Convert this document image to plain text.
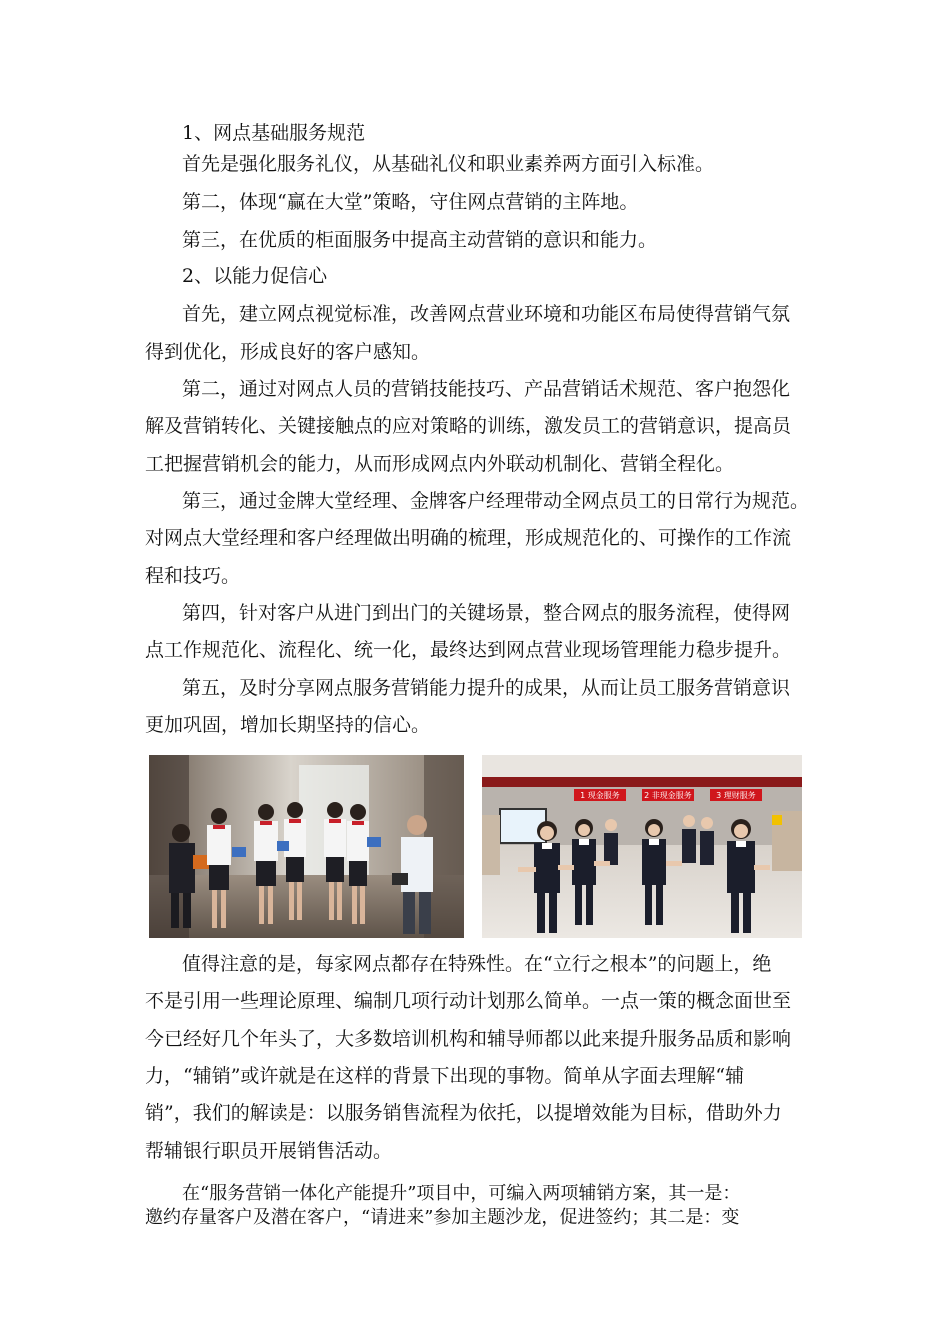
1、网点基础服务规范
首先是强化服务礼仪，从基础礼仪和职业素养两方面引入标准。
第二，体现“赢在大堂”策略，守住网点营销的主阵地。
第三，在优质的柜面服务中提高主动营销的意识和能力。
2、以能力促信心
首先，建立网点视觉标准，改善网点营业环境和功能区布局使得营销气氛
得到优化，形成良好的客户感知。
第二，通过对网点人员的营销技能技巧、产品营销话术规范、客户抱怨化
解及营销转化、关键接触点的应对策略的训练，激发员工的营销意识，提高员
工把握营销机会的能力，从而形成网点内外联动机制化、营销全程化。
第三，通过金牌大堂经理、金牌客户经理带动全网点员工的日常行为规范。
对网点大堂经理和客户经理做出明确的梳理，形成规范化的、可操作的工作流
程和技巧。
第四，针对客户从进门到出门的关键场景，整合网点的服务流程，使得网
点工作规范化、流程化、统一化，最终达到网点营业现场管理能力稳步提升。
第五，及时分享网点服务营销能力提升的成果，从而让员工服务营销意识
更加巩固，增加长期坚持的信心。
1 现金服务	2 非现金服务	3 理财服务
值得注意的是，每家网点都存在特殊性。在“立行之根本”的问题上，绝
不是引用一些理论原理、编制几项行动计划那么简单。一点一策的概念面世至
今已经好几个年头了，大多数培训机构和辅导师都以此来提升服务品质和影响
力，“辅销”或许就是在这样的背景下出现的事物。简单从字面去理解“辅
销”，我们的解读是：以服务销售流程为依托，以提增效能为目标，借助外力
帮辅银行职员开展销售活动。
在“服务营销一体化产能提升”项目中，可编入两项辅销方案，其一是：
邀约存量客户及潜在客户，“请进来”参加主题沙龙，促进签约；其二是：变
